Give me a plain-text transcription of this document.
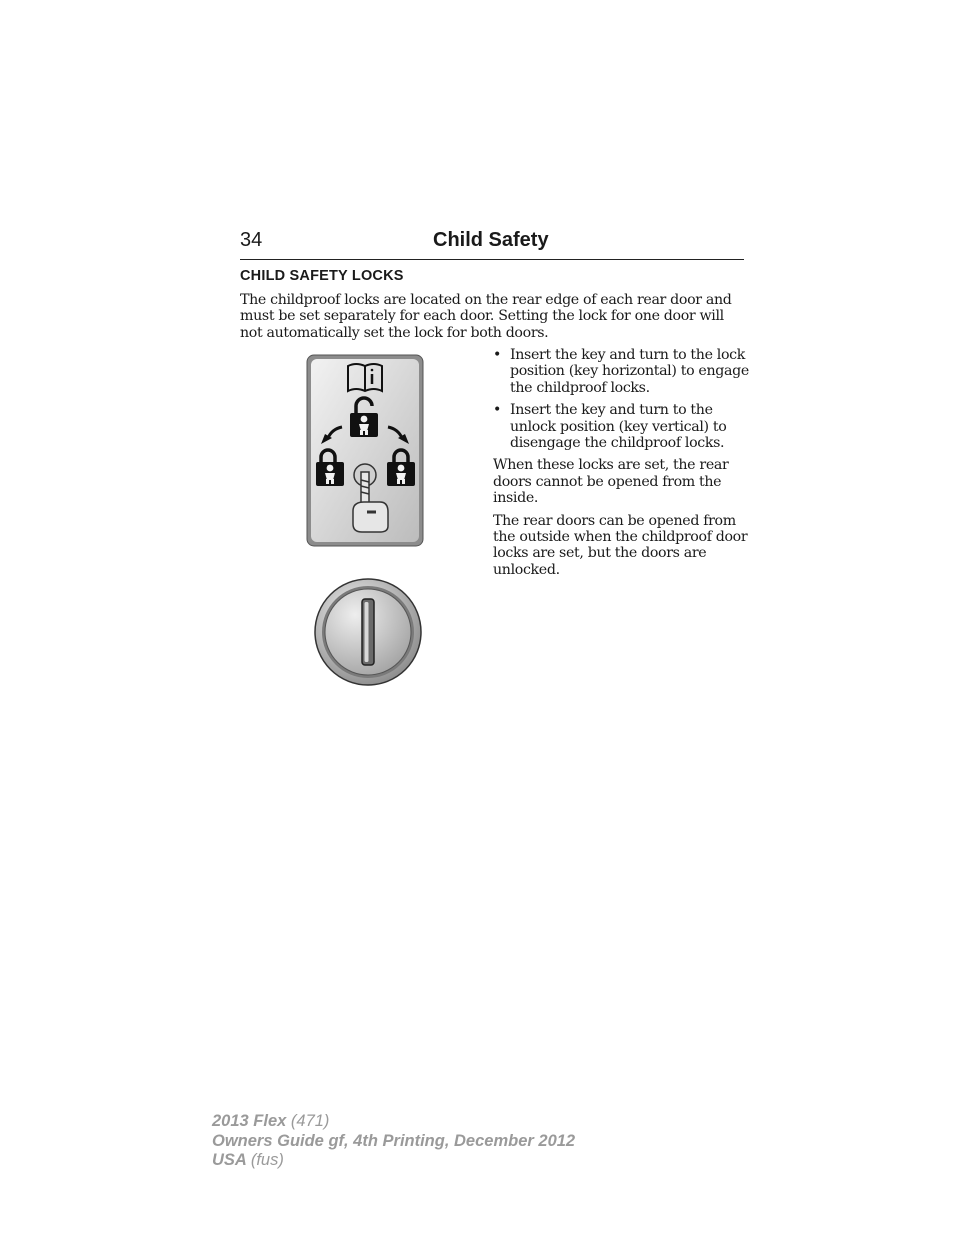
34	Child Safety
CHILD SAFETY LOCKS

The childproof locks are located on the rear edge of each rear door and must be set separately for each door. Setting the lock for one door will not automatically set the lock for both doors.

• Insert the key and turn to the lock position (key horizontal) to engage the childproof locks.
• Insert the key and turn to the unlock position (key vertical) to disengage the childproof locks.

When these locks are set, the rear doors cannot be opened from the inside.

The rear doors can be opened from the outside when the childproof door locks are set, but the doors are unlocked.

2013 Flex (471)
Owners Guide gf, 4th Printing, December 2012
USA (fus)
